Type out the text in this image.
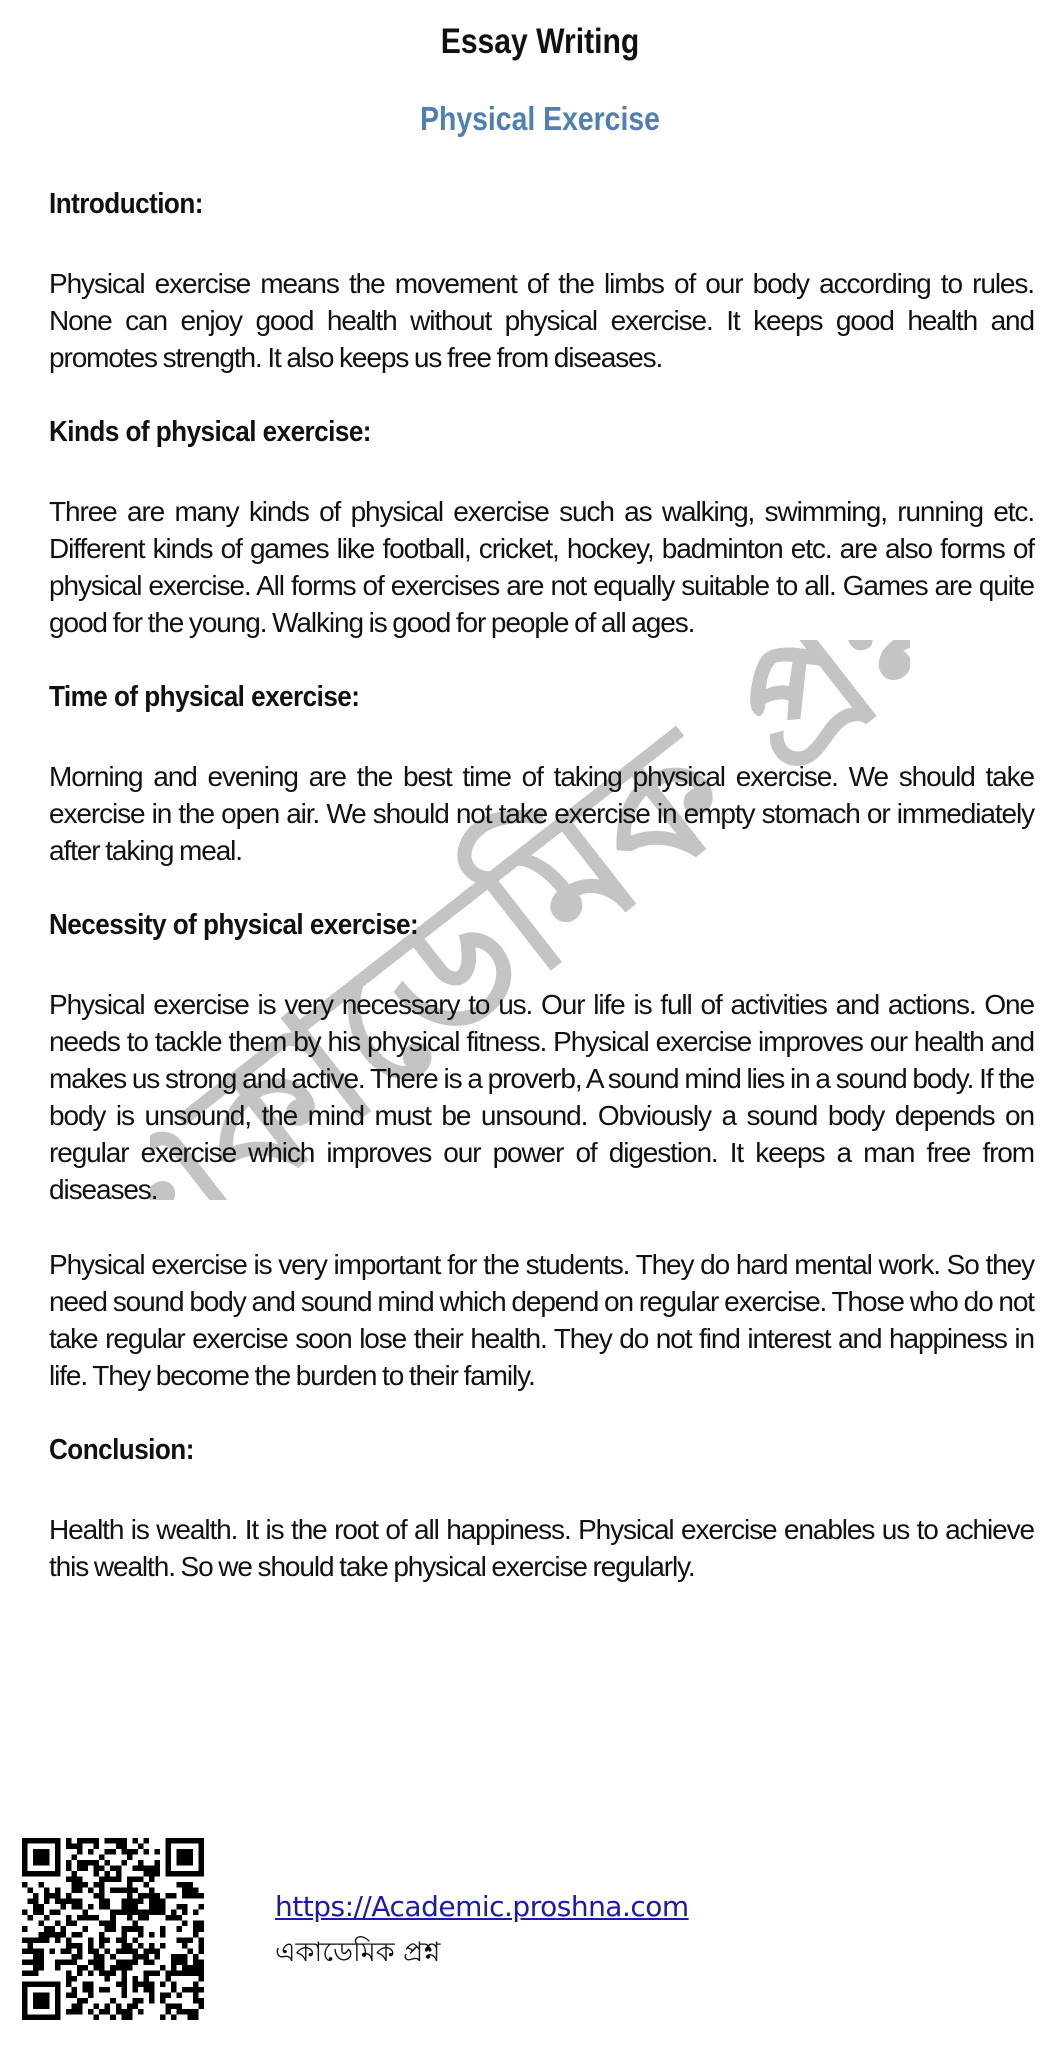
Essay Writing
Physical Exercise
একাডেমিক প্রশ্ন
Introduction:
Physical exercise means the movement of the limbs of our body according to rules. None can enjoy good health without physical exercise. It keeps good health and promotes strength. It also keeps us free from diseases.
Kinds of physical exercise:
Three are many kinds of physical exercise such as walking, swimming, running etc. Different kinds of games like football, cricket, hockey, badminton etc. are also forms of physical exercise. All forms of exercises are not equally suitable to all. Games are quite good for the young. Walking is good for people of all ages.
Time of physical exercise:
Morning and evening are the best time of taking physical exercise. We should take exercise in the open air. We should not take exercise in empty stomach or immediately after taking meal.
Necessity of physical exercise:
Physical exercise is very necessary to us. Our life is full of activities and actions. One needs to tackle them by his physical fitness. Physical exercise improves our health and makes us strong and active. There is a proverb, A sound mind lies in a sound body. If the body is unsound, the mind must be unsound. Obviously a sound body depends on regular exercise which improves our power of digestion. It keeps a man free from diseases.
Physical exercise is very important for the students. They do hard mental work. So they need sound body and sound mind which depend on regular exercise. Those who do not take regular exercise soon lose their health. They do not find interest and happiness in life. They become the burden to their family.
Conclusion:
Health is wealth. It is the root of all happiness. Physical exercise enables us to achieve this wealth. So we should take physical exercise regularly.
https://Academic.proshna.com
একাডেমিক প্রশ্ন
